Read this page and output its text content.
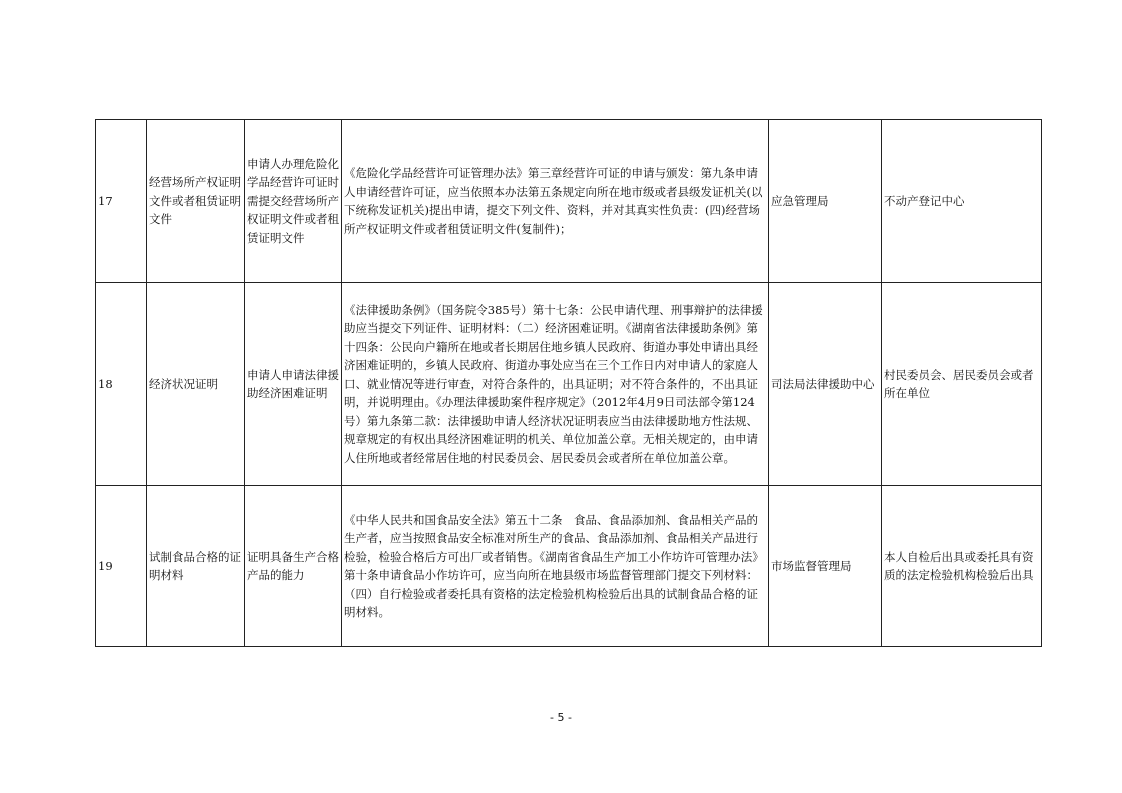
17	经营场所产权证明文件或者租赁证明文件	申请人办理危险化学品经营许可证时需提交经营场所产权证明文件或者租赁证明文件	《危险化学品经营许可证管理办法》第三章经营许可证的申请与颁发：第九条申请人申请经营许可证，应当依照本办法第五条规定向所在地市级或者县级发证机关(以下统称发证机关)提出申请，提交下列文件、资料，并对其真实性负责：(四)经营场所产权证明文件或者租赁证明文件(复制件)；	应急管理局	不动产登记中心
18	经济状况证明	申请人申请法律援助经济困难证明	《法律援助条例》（国务院令385号）第十七条：公民申请代理、刑事辩护的法律援助应当提交下列证件、证明材料：（二）经济困难证明。《湖南省法律援助条例》第十四条：公民向户籍所在地或者长期居住地乡镇人民政府、街道办事处申请出具经济困难证明的，乡镇人民政府、街道办事处应当在三个工作日内对申请人的家庭人口、就业情况等进行审查，对符合条件的，出具证明；对不符合条件的，不出具证明，并说明理由。《办理法律援助案件程序规定》（2012年4月9日司法部令第124号）第九条第二款：法律援助申请人经济状况证明表应当由法律援助地方性法规、规章规定的有权出具经济困难证明的机关、单位加盖公章。无相关规定的，由申请人住所地或者经常居住地的村民委员会、居民委员会或者所在单位加盖公章。	司法局法律援助中心	村民委员会、居民委员会或者所在单位
19	试制食品合格的证明材料	证明具备生产合格产品的能力	《中华人民共和国食品安全法》第五十二条　食品、食品添加剂、食品相关产品的生产者，应当按照食品安全标准对所生产的食品、食品添加剂、食品相关产品进行检验，检验合格后方可出厂或者销售。《湖南省食品生产加工小作坊许可管理办法》第十条申请食品小作坊许可，应当向所在地县级市场监督管理部门提交下列材料：（四）自行检验或者委托具有资格的法定检验机构检验后出具的试制食品合格的证明材料。	市场监督管理局	本人自检后出具或委托具有资质的法定检验机构检验后出具
- 5 -
